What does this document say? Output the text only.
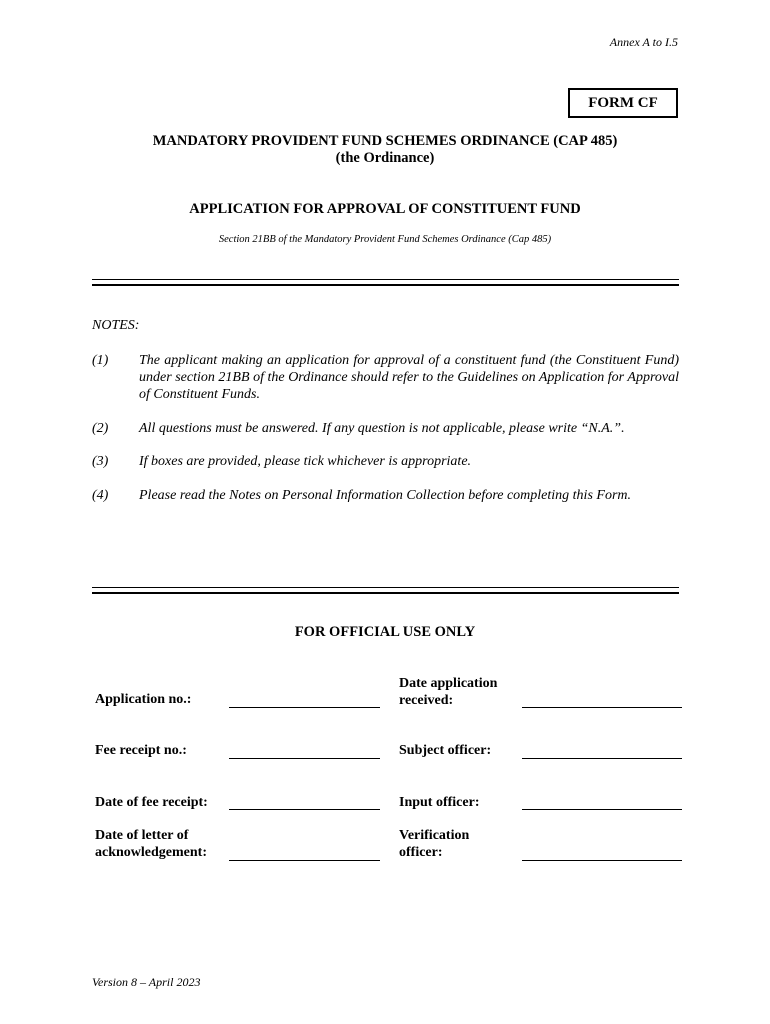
Annex A to I.5
FORM CF
MANDATORY PROVIDENT FUND SCHEMES ORDINANCE (CAP 485)
(the Ordinance)
APPLICATION FOR APPROVAL OF CONSTITUENT FUND
Section 21BB of the Mandatory Provident Fund Schemes Ordinance (Cap 485)
NOTES:
(1) The applicant making an application for approval of a constituent fund (the Constituent Fund) under section 21BB of the Ordinance should refer to the Guidelines on Application for Approval of Constituent Funds.
(2) All questions must be answered. If any question is not applicable, please write “N.A.”.
(3) If boxes are provided, please tick whichever is appropriate.
(4) Please read the Notes on Personal Information Collection before completing this Form.
FOR OFFICIAL USE ONLY
Application no.:
Date application
received:
Fee receipt no.:	Subject officer:
Date of fee receipt:	Input officer:
Date of letter of
acknowledgement:
Verification
officer:
Version 8 – April 2023
